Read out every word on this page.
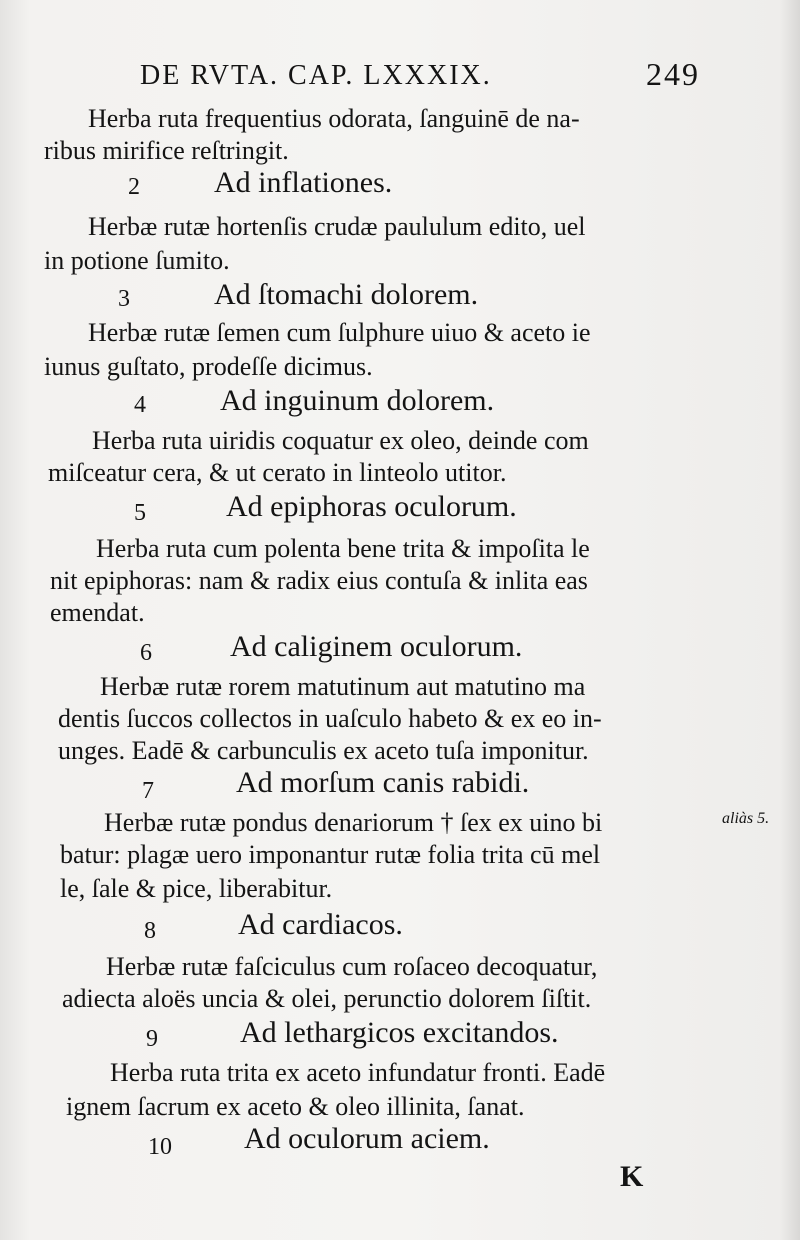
DE RVTA. CAP. LXXXIX.	249
Herba ruta frequentius odorata, ſanguinē de na-
ribus mirifice reſtringit.
2 Ad inflationes.
Herbæ rutæ hortenſis crudæ paululum edito, uel
in potione ſumito.
3	Ad ſtomachi dolorem.
Herbæ rutæ ſemen cum ſulphure uiuo & aceto ie
iunus guſtato, prodeſſe dicimus.
4 Ad inguinum dolorem.
Herba ruta uiridis coquatur ex oleo, deinde com
miſceatur cera, & ut cerato in linteolo utitor.
5	Ad epiphoras oculorum.
Herba ruta cum polenta bene trita & impoſita le
nit epiphoras: nam & radix eius contuſa & inlita eas
emendat.
6	Ad caliginem oculorum.
Herbæ rutæ rorem matutinum aut matutino ma
dentis ſuccos collectos in uaſculo habeto & ex eo in-
unges. Eadē & carbunculis ex aceto tuſa imponitur.
7	Ad morſum canis rabidi.
Herbæ rutæ pondus denariorum † ſex ex uino bi	aliàs 5.
batur: plagæ uero imponantur rutæ folia trita cū mel
le, ſale & pice, liberabitur.
8	Ad cardiacos.
Herbæ rutæ faſciculus cum roſaceo decoquatur,
adiecta aloës uncia & olei, perunctio dolorem ſiſtit.
9	Ad lethargicos excitandos.
Herba ruta trita ex aceto infundatur fronti. Eadē
ignem ſacrum ex aceto & oleo illinita, ſanat.
10 Ad oculorum aciem.
K
